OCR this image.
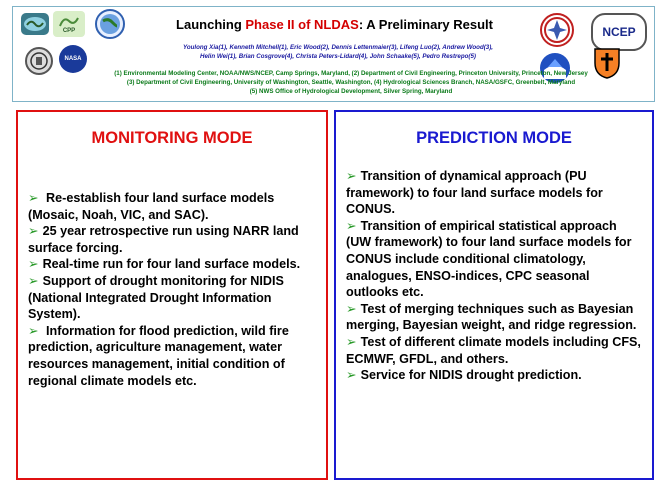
CPP
NASA
NCEP
Launching Phase II of NLDAS: A Preliminary Result
Youlong Xia(1), Kenneth Mitchell(1), Eric Wood(2), Dennis Lettenmaier(3), Lifeng Luo(2), Andrew Wood(3),
Helin Wei(1), Brian Cosgrove(4), Christa Peters-Lidard(4), John Schaake(5), Pedro Restrepo(5)
(1) Environmental Modeling Center, NOAA/NWS/NCEP, Camp Springs, Maryland, (2) Department of Civil Engineering, Princeton University, Princeton, New Jersey
(3) Department of Civil Engineering, University of Washington, Seattle, Washington, (4) Hydrological Sciences Branch, NASA/GSFC, Greenbelt, Maryland
(5) NWS Office of Hydrological Development, Silver Spring, Maryland
MONITORING MODE

➢ Re-establish four land surface models (Mosaic, Noah, VIC, and SAC).

➢ 25 year retrospective run using NARR land surface forcing.

➢ Real-time run for four land surface models.

➢ Support of drought monitoring for NIDIS (National Integrated Drought Information System).

➢ Information for flood prediction, wild fire prediction, agriculture management, water resources management, initial condition of regional climate models etc.

PREDICTION MODE

➢ Transition of dynamical approach (PU framework) to four land surface models for CONUS.

➢ Transition of empirical statistical approach (UW framework) to four land surface models for CONUS include conditional climatology, analogues, ENSO-indices, CPC seasonal outlooks etc.

➢ Test of merging techniques such as Bayesian merging, Bayesian weight, and ridge regression.

➢ Test of different climate models including CFS, ECMWF, GFDL, and others.

➢ Service for NIDIS drought prediction.
